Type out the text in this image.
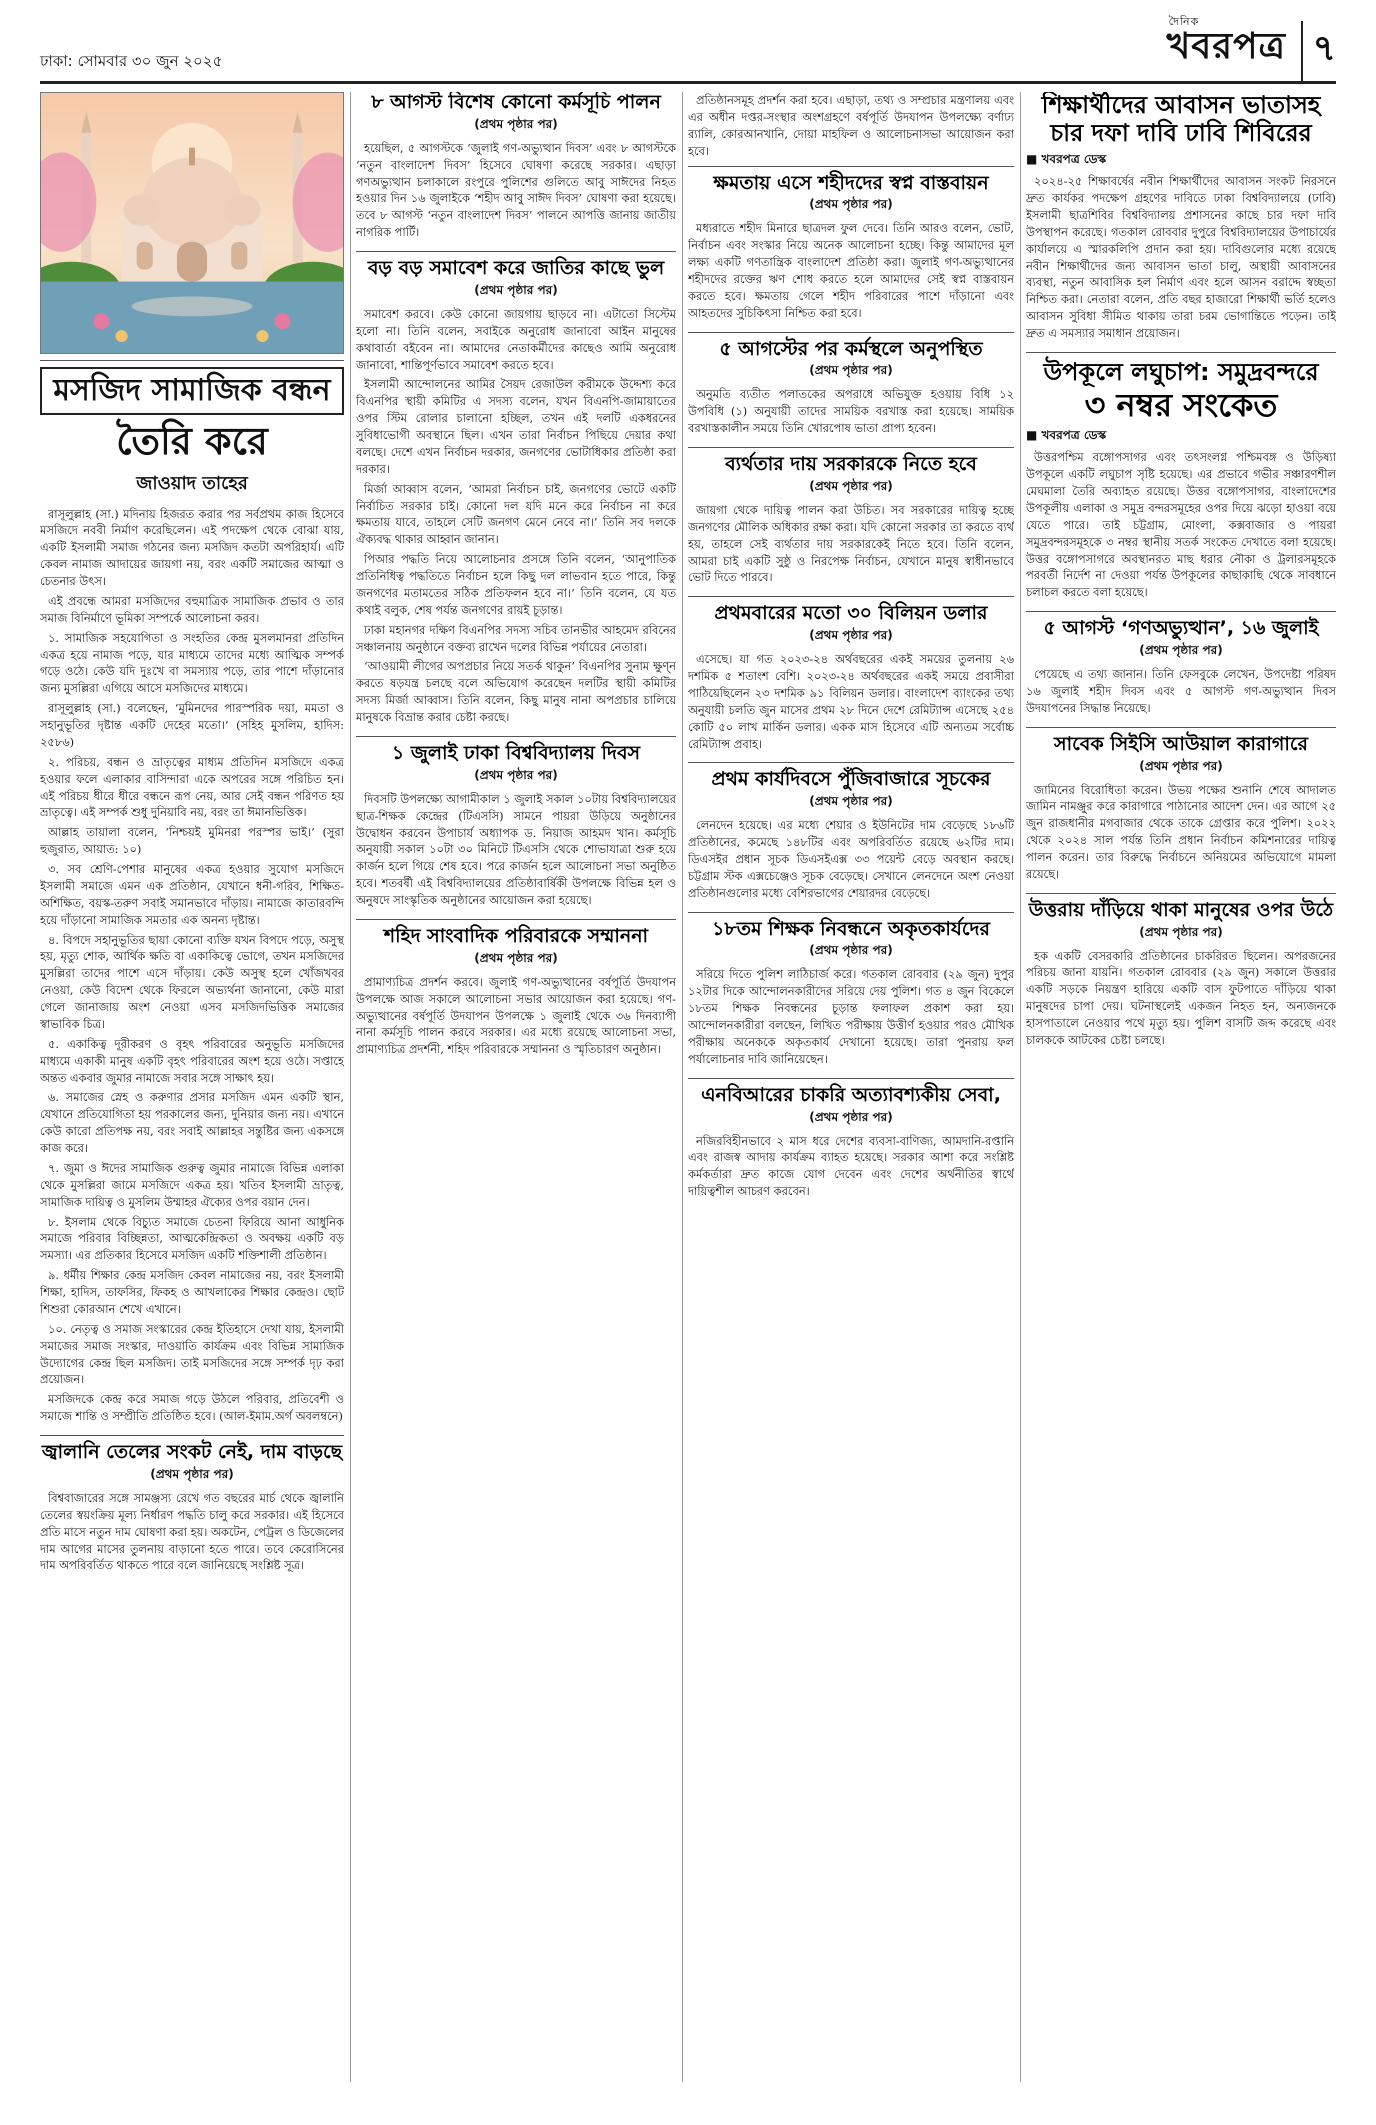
ঢাকা: সোমবার ৩০ জুন ২০২৫
দৈনিক
খবরপত্র ৭
মসজিদ সামাজিক বন্ধন
তৈরি করে
জাওয়াদ তাহের

রাসূলুল্লাহ (সা.) মদিনায় হিজরত করার পর সর্বপ্রথম কাজ হিসেবে মসজিদে নববী নির্মাণ করেছিলেন। এই পদক্ষেপ থেকে বোঝা যায়, একটি ইসলামী সমাজ গঠনের জন্য মসজিদ কতটা অপরিহার্য। এটি কেবল নামাজ আদায়ের জায়গা নয়, বরং একটি সমাজের আত্মা ও চেতনার উৎস।

এই প্রবন্ধে আমরা মসজিদের বহুমাত্রিক সামাজিক প্রভাব ও তার সমাজ বিনির্মাণে ভূমিকা সম্পর্কে আলোচনা করব।

১. সামাজিক সহযোগিতা ও সংহতির কেন্দ্র মুসলমানরা প্রতিদিন একত্র হয়ে নামাজ পড়ে, যার মাধ্যমে তাদের মধ্যে আত্মিক সম্পর্ক গড়ে ওঠে। কেউ যদি দুঃখে বা সমস্যায় পড়ে, তার পাশে দাঁড়ানোর জন্য মুসল্লিরা এগিয়ে আসে মসজিদের মাধ্যমে।

রাসূলুল্লাহ (সা.) বলেছেন, ‘মুমিনদের পারস্পরিক দয়া, মমতা ও সহানুভূতির দৃষ্টান্ত একটি দেহের মতো।’ (সহিহ মুসলিম, হাদিস: ২৫৮৬)

২. পরিচয়, বন্ধন ও ভ্রাতৃত্বের মাধ্যম প্রতিদিন মসজিদে একত্র হওয়ার ফলে এলাকার বাসিন্দারা একে অপরের সঙ্গে পরিচিত হন। এই পরিচয় ধীরে ধীরে বন্ধনে রূপ নেয়, আর সেই বন্ধন পরিণত হয় ভ্রাতৃত্বে। এই সম্পর্ক শুধু দুনিয়াবি নয়, বরং তা ঈমানভিত্তিক।

আল্লাহ তায়ালা বলেন, ‘নিশ্চয়ই মুমিনরা পরস্পর ভাই।’ (সুরা হুজুরাত, আয়াত: ১০)

৩. সব শ্রেণি-পেশার মানুষের একত্র হওয়ার সুযোগ মসজিদে ইসলামী সমাজে এমন এক প্রতিষ্ঠান, যেখানে ধনী-গরিব, শিক্ষিত-অশিক্ষিত, বয়স্ক-তরুণ সবাই সমানভাবে দাঁড়ায়। নামাজে কাতারবন্দি হয়ে দাঁড়ানো সামাজিক সমতার এক অনন্য দৃষ্টান্ত।

৪. বিপদে সহানুভূতির ছায়া কোনো ব্যক্তি যখন বিপদে পড়ে, অসুস্থ হয়, মৃত্যু শোক, আর্থিক ক্ষতি বা একাকিত্বে ভোগে, তখন মসজিদের মুসল্লিরা তাদের পাশে এসে দাঁড়ায়। কেউ অসুস্থ হলে খোঁজখবর নেওয়া, কেউ বিদেশ থেকে ফিরলে অভ্যর্থনা জানানো, কেউ মারা গেলে জানাজায় অংশ নেওয়া এসব মসজিদভিত্তিক সমাজের স্বাভাবিক চিত্র।

৫. একাকিত্ব দূরীকরণ ও বৃহৎ পরিবারের অনুভূতি মসজিদের মাধ্যমে একাকী মানুষ একটি বৃহৎ পরিবারের অংশ হয়ে ওঠে। সপ্তাহে অন্তত একবার জুমার নামাজে সবার সঙ্গে সাক্ষাৎ হয়।

৬. সমাজের স্নেহ ও করুণার প্রসার মসজিদ এমন একটি স্থান, যেখানে প্রতিযোগিতা হয় পরকালের জন্য, দুনিয়ার জন্য নয়। এখানে কেউ কারো প্রতিপক্ষ নয়, বরং সবাই আল্লাহর সন্তুষ্টির জন্য একসঙ্গে কাজ করে।

৭. জুমা ও ঈদের সামাজিক গুরুত্ব জুমার নামাজে বিভিন্ন এলাকা থেকে মুসল্লিরা জামে মসজিদে একত্র হয়। খতিব ইসলামী ভ্রাতৃত্ব, সামাজিক দায়িত্ব ও মুসলিম উম্মাহর ঐক্যের ওপর বয়ান দেন।

৮. ইসলাম থেকে বিচ্যুত সমাজে চেতনা ফিরিয়ে আনা আধুনিক সমাজে পরিবার বিচ্ছিন্নতা, আত্মকেন্দ্রিকতা ও অবক্ষয় একটি বড় সমস্যা। এর প্রতিকার হিসেবে মসজিদ একটি শক্তিশালী প্রতিষ্ঠান।

৯. ধর্মীয় শিক্ষার কেন্দ্র মসজিদ কেবল নামাজের নয়, বরং ইসলামী শিক্ষা, হাদিস, তাফসির, ফিকহ ও আখলাকের শিক্ষার কেন্দ্রও। ছোট শিশুরা কোরআন শেখে এখানে।

১০. নেতৃত্ব ও সমাজ সংস্কারের কেন্দ্র ইতিহাসে দেখা যায়, ইসলামী সমাজের সমাজ সংস্কার, দাওয়াতি কার্যক্রম এবং বিভিন্ন সামাজিক উদ্যোগের কেন্দ্র ছিল মসজিদ। তাই মসজিদের সঙ্গে সম্পর্ক দৃঢ় করা প্রয়োজন।

মসজিদকে কেন্দ্র করে সমাজ গড়ে উঠলে পরিবার, প্রতিবেশী ও সমাজে শান্তি ও সম্প্রীতি প্রতিষ্ঠিত হবে। (আল-ইমাম.অর্গ অবলম্বনে)

জ্বালানি তেলের সংকট নেই, দাম বাড়ছে
(প্রথম পৃষ্ঠার পর)

বিশ্ববাজারের সঙ্গে সামঞ্জস্য রেখে গত বছরের মার্চ থেকে জ্বালানি তেলের স্বয়ংক্রিয় মূল্য নির্ধারণ পদ্ধতি চালু করে সরকার। এই হিসেবে প্রতি মাসে নতুন দাম ঘোষণা করা হয়। অকটেন, পেট্রল ও ডিজেলের দাম আগের মাসের তুলনায় বাড়ানো হতে পারে। তবে কেরোসিনের দাম অপরিবর্তিত থাকতে পারে বলে জানিয়েছে সংশ্লিষ্ট সূত্র।

৮ আগস্ট বিশেষ কোনো কর্মসূচি পালন
(প্রথম পৃষ্ঠার পর)

হয়েছিল, ৫ আগস্টকে ‘জুলাই গণ-অভ্যুত্থান দিবস’ এবং ৮ আগস্টকে ‘নতুন বাংলাদেশ দিবস’ হিসেবে ঘোষণা করেছে সরকার। এছাড়া গণঅভ্যুত্থান চলাকালে রংপুরে পুলিশের গুলিতে আবু সাঈদের নিহত হওয়ার দিন ১৬ জুলাইকে ‘শহীদ আবু সাঈদ দিবস’ ঘোষণা করা হয়েছে। তবে ৮ আগস্ট ‘নতুন বাংলাদেশ দিবস’ পালনে আপত্তি জানায় জাতীয় নাগরিক পার্টি।

বড় বড় সমাবেশ করে জাতির কাছে ভুল
(প্রথম পৃষ্ঠার পর)

সমাবেশ করবে। কেউ কোনো জায়গায় ছাড়বে না। এটাতো সিস্টেম হলো না। তিনি বলেন, সবাইকে অনুরোধ জানাবো আইন মানুষের কথাবার্তা বইবেন না। আমাদের নেতাকর্মীদের কাছেও আমি অনুরোধ জানাবো, শান্তিপূর্ণভাবে সমাবেশ করতে হবে।

ইসলামী আন্দোলনের আমির সৈয়দ রেজাউল করীমকে উদ্দেশ্য করে বিএনপির স্থায়ী কমিটির এ সদস্য বলেন, যখন বিএনপি-জামায়াতের ওপর স্টিম রোলার চালানো হচ্ছিল, তখন এই দলটি একধরনের সুবিধাভোগী অবস্থানে ছিল। এখন তারা নির্বাচন পিছিয়ে দেয়ার কথা বলছে। দেশে এখন নির্বাচন দরকার, জনগণের ভোটাধিকার প্রতিষ্ঠা করা দরকার।

মির্জা আব্বাস বলেন, ‘আমরা নির্বাচন চাই, জনগণের ভোটে একটি নির্বাচিত সরকার চাই। কোনো দল যদি মনে করে নির্বাচন না করে ক্ষমতায় যাবে, তাহলে সেটি জনগণ মেনে নেবে না।’ তিনি সব দলকে ঐক্যবদ্ধ থাকার আহ্বান জানান।

পিআর পদ্ধতি নিয়ে আলোচনার প্রসঙ্গে তিনি বলেন, ‘আনুপাতিক প্রতিনিধিত্ব পদ্ধতিতে নির্বাচন হলে কিছু দল লাভবান হতে পারে, কিন্তু জনগণের মতামতের সঠিক প্রতিফলন হবে না।’ তিনি বলেন, যে যত কথাই বলুক, শেষ পর্যন্ত জনগণের রায়ই চূড়ান্ত।

ঢাকা মহানগর দক্ষিণ বিএনপির সদস্য সচিব তানভীর আহমেদ রবিনের সঞ্চালনায় অনুষ্ঠানে বক্তব্য রাখেন দলের বিভিন্ন পর্যায়ের নেতারা।

‘আওয়ামী লীগের অপপ্রচার নিয়ে সতর্ক থাকুন’ বিএনপির সুনাম ক্ষুণ্ন করতে ষড়যন্ত্র চলছে বলে অভিযোগ করেছেন দলটির স্থায়ী কমিটির সদস্য মির্জা আব্বাস। তিনি বলেন, কিছু মানুষ নানা অপপ্রচার চালিয়ে মানুষকে বিভ্রান্ত করার চেষ্টা করছে।

১ জুলাই ঢাকা বিশ্ববিদ্যালয় দিবস
(প্রথম পৃষ্ঠার পর)

দিবসটি উপলক্ষ্যে আগামীকাল ১ জুলাই সকাল ১০টায় বিশ্ববিদ্যালয়ের ছাত্র-শিক্ষক কেন্দ্রের (টিএসসি) সামনে পায়রা উড়িয়ে অনুষ্ঠানের উদ্বোধন করবেন উপাচার্য অধ্যাপক ড. নিয়াজ আহমদ খান। কর্মসূচি অনুযায়ী সকাল ১০টা ৩০ মিনিটে টিএসসি থেকে শোভাযাত্রা শুরু হয়ে কার্জন হলে গিয়ে শেষ হবে। পরে কার্জন হলে আলোচনা সভা অনুষ্ঠিত হবে। শতবর্ষী এই বিশ্ববিদ্যালয়ের প্রতিষ্ঠাবার্ষিকী উপলক্ষে বিভিন্ন হল ও অনুষদে সাংস্কৃতিক অনুষ্ঠানের আয়োজন করা হয়েছে।

শহিদ সাংবাদিক পরিবারকে সম্মাননা
(প্রথম পৃষ্ঠার পর)

প্রামাণ্যচিত্র প্রদর্শন করবে। জুলাই গণ-অভ্যুত্থানের বর্ষপূর্তি উদযাপন উপলক্ষে আজ সকালে আলোচনা সভার আয়োজন করা হয়েছে। গণ-অভ্যুত্থানের বর্ষপূর্তি উদযাপন উপলক্ষে ১ জুলাই থেকে ৩৬ দিনব্যাপী নানা কর্মসূচি পালন করবে সরকার। এর মধ্যে রয়েছে আলোচনা সভা, প্রামাণ্যচিত্র প্রদর্শনী, শহিদ পরিবারকে সম্মাননা ও স্মৃতিচারণ অনুষ্ঠান।

প্রতিষ্ঠানসমূহ প্রদর্শন করা হবে। এছাড়া, তথ্য ও সম্প্রচার মন্ত্রণালয় এবং এর অধীন দপ্তর-সংস্থার অংশগ্রহণে বর্ষপূর্তি উদযাপন উপলক্ষ্যে বর্ণাঢ্য র‍্যালি, কোরআনখানি, দোয়া মাহফিল ও আলোচনাসভা আয়োজন করা হবে।

ক্ষমতায় এসে শহীদদের স্বপ্ন বাস্তবায়ন
(প্রথম পৃষ্ঠার পর)

মধ্যরাতে শহীদ মিনারে ছাত্রদল ফুল দেবে। তিনি আরও বলেন, ভোট, নির্বাচন এবং সংস্কার নিয়ে অনেক আলোচনা হচ্ছে। কিন্তু আমাদের মূল লক্ষ্য একটি গণতান্ত্রিক বাংলাদেশ প্রতিষ্ঠা করা। জুলাই গণ-অভ্যুত্থানের শহীদদের রক্তের ঋণ শোধ করতে হলে আমাদের সেই স্বপ্ন বাস্তবায়ন করতে হবে। ক্ষমতায় গেলে শহীদ পরিবারের পাশে দাঁড়ানো এবং আহতদের সুচিকিৎসা নিশ্চিত করা হবে।

৫ আগস্টের পর কর্মস্থলে অনুপস্থিত
(প্রথম পৃষ্ঠার পর)

অনুমতি ব্যতীত পলাতকের অপরাধে অভিযুক্ত হওয়ায় বিধি ১২ উপবিধি (১) অনুযায়ী তাদের সাময়িক বরখাস্ত করা হয়েছে। সাময়িক বরখাস্তকালীন সময়ে তিনি খোরপোষ ভাতা প্রাপ্য হবেন।

ব্যর্থতার দায় সরকারকে নিতে হবে
(প্রথম পৃষ্ঠার পর)

জায়গা থেকে দায়িত্ব পালন করা উচিত। সব সরকারের দায়িত্ব হচ্ছে জনগণের মৌলিক অধিকার রক্ষা করা। যদি কোনো সরকার তা করতে ব্যর্থ হয়, তাহলে সেই ব্যর্থতার দায় সরকারকেই নিতে হবে। তিনি বলেন, আমরা চাই একটি সুষ্ঠু ও নিরপেক্ষ নির্বাচন, যেখানে মানুষ স্বাধীনভাবে ভোট দিতে পারবে।

প্রথমবারের মতো ৩০ বিলিয়ন ডলার
(প্রথম পৃষ্ঠার পর)

এসেছে। যা গত ২০২৩-২৪ অর্থবছরের একই সময়ের তুলনায় ২৬ দশমিক ৫ শতাংশ বেশি। ২০২৩-২৪ অর্থবছরের একই সময়ে প্রবাসীরা পাঠিয়েছিলেন ২৩ দশমিক ৯১ বিলিয়ন ডলার। বাংলাদেশ ব্যাংকের তথ্য অনুযায়ী চলতি জুন মাসের প্রথম ২৮ দিনে দেশে রেমিট্যান্স এসেছে ২৫৪ কোটি ৫০ লাখ মার্কিন ডলার। একক মাস হিসেবে এটি অন্যতম সর্বোচ্চ রেমিট্যান্স প্রবাহ।

প্রথম কার্যদিবসে পুঁজিবাজারে সূচকের
(প্রথম পৃষ্ঠার পর)

লেনদেন হয়েছে। এর মধ্যে শেয়ার ও ইউনিটের দাম বেড়েছে ১৮৬টি প্রতিষ্ঠানের, কমেছে ১৪৮টির এবং অপরিবর্তিত রয়েছে ৬২টির দাম। ডিএসইর প্রধান সূচক ডিএসইএক্স ৩৩ পয়েন্ট বেড়ে অবস্থান করছে। চট্টগ্রাম স্টক এক্সচেঞ্জেও সূচক বেড়েছে। সেখানে লেনদেনে অংশ নেওয়া প্রতিষ্ঠানগুলোর মধ্যে বেশিরভাগের শেয়ারদর বেড়েছে।

১৮তম শিক্ষক নিবন্ধনে অকৃতকার্যদের
(প্রথম পৃষ্ঠার পর)

সরিয়ে দিতে পুলিশ লাঠিচার্জ করে। গতকাল রোববার (২৯ জুন) দুপুর ১২টার দিকে আন্দোলনকারীদের সরিয়ে দেয় পুলিশ। গত ৪ জুন বিকেলে ১৮তম শিক্ষক নিবন্ধনের চূড়ান্ত ফলাফল প্রকাশ করা হয়। আন্দোলনকারীরা বলছেন, লিখিত পরীক্ষায় উত্তীর্ণ হওয়ার পরও মৌখিক পরীক্ষায় অনেককে অকৃতকার্য দেখানো হয়েছে। তারা পুনরায় ফল পর্যালোচনার দাবি জানিয়েছেন।

এনবিআরের চাকরি অত্যাবশ্যকীয় সেবা,
(প্রথম পৃষ্ঠার পর)

নজিরবিহীনভাবে ২ মাস ধরে দেশের ব্যবসা-বাণিজ্য, আমদানি-রপ্তানি এবং রাজস্ব আদায় কার্যক্রম ব্যাহত হয়েছে। সরকার আশা করে সংশ্লিষ্ট কর্মকর্তারা দ্রুত কাজে যোগ দেবেন এবং দেশের অর্থনীতির স্বার্থে দায়িত্বশীল আচরণ করবেন।

শিক্ষার্থীদের আবাসন ভাতাসহ চার দফা দাবি ঢাবি শিবিরের
■ খবরপত্র ডেস্ক

২০২৪-২৫ শিক্ষাবর্ষের নবীন শিক্ষার্থীদের আবাসন সংকট নিরসনে দ্রুত কার্যকর পদক্ষেপ গ্রহণের দাবিতে ঢাকা বিশ্ববিদ্যালয়ে (ঢাবি) ইসলামী ছাত্রশিবির বিশ্ববিদ্যালয় প্রশাসনের কাছে চার দফা দাবি উপস্থাপন করেছে। গতকাল রোববার দুপুরে বিশ্ববিদ্যালয়ের উপাচার্যের কার্যালয়ে এ স্মারকলিপি প্রদান করা হয়। দাবিগুলোর মধ্যে রয়েছে নবীন শিক্ষার্থীদের জন্য আবাসন ভাতা চালু, অস্থায়ী আবাসনের ব্যবস্থা, নতুন আবাসিক হল নির্মাণ এবং হলে আসন বরাদ্দে স্বচ্ছতা নিশ্চিত করা। নেতারা বলেন, প্রতি বছর হাজারো শিক্ষার্থী ভর্তি হলেও আবাসন সুবিধা সীমিত থাকায় তারা চরম ভোগান্তিতে পড়েন। তাই দ্রুত এ সমস্যার সমাধান প্রয়োজন।

উপকূলে লঘুচাপ: সমুদ্রবন্দরে
৩ নম্বর সংকেত
■ খবরপত্র ডেস্ক

উত্তরপশ্চিম বঙ্গোপসাগর এবং তৎসংলগ্ন পশ্চিমবঙ্গ ও উড়িষ্যা উপকূলে একটি লঘুচাপ সৃষ্টি হয়েছে। এর প্রভাবে গভীর সঞ্চারণশীল মেঘমালা তৈরি অব্যাহত রয়েছে। উত্তর বঙ্গোপসাগর, বাংলাদেশের উপকূলীয় এলাকা ও সমুদ্র বন্দরসমূহের ওপর দিয়ে ঝড়ো হাওয়া বয়ে যেতে পারে। তাই চট্টগ্রাম, মোংলা, কক্সবাজার ও পায়রা সমুদ্রবন্দরসমূহকে ৩ নম্বর স্থানীয় সতর্ক সংকেত দেখাতে বলা হয়েছে। উত্তর বঙ্গোপসাগরে অবস্থানরত মাছ ধরার নৌকা ও ট্রলারসমূহকে পরবর্তী নির্দেশ না দেওয়া পর্যন্ত উপকূলের কাছাকাছি থেকে সাবধানে চলাচল করতে বলা হয়েছে।

৫ আগস্ট ‘গণঅভ্যুত্থান’, ১৬ জুলাই
(প্রথম পৃষ্ঠার পর)

পেয়েছে এ তথ্য জানান। তিনি ফেসবুকে লেখেন, উপদেষ্টা পরিষদ ১৬ জুলাই শহীদ দিবস এবং ৫ আগস্ট গণ-অভ্যুত্থান দিবস উদযাপনের সিদ্ধান্ত নিয়েছে।

সাবেক সিইসি আউয়াল কারাগারে
(প্রথম পৃষ্ঠার পর)

জামিনের বিরোধিতা করেন। উভয় পক্ষের শুনানি শেষে আদালত জামিন নামঞ্জুর করে কারাগারে পাঠানোর আদেশ দেন। এর আগে ২৫ জুন রাজধানীর মগবাজার থেকে তাকে গ্রেপ্তার করে পুলিশ। ২০২২ থেকে ২০২৪ সাল পর্যন্ত তিনি প্রধান নির্বাচন কমিশনারের দায়িত্ব পালন করেন। তার বিরুদ্ধে নির্বাচনে অনিয়মের অভিযোগে মামলা রয়েছে।

উত্তরায় দাঁড়িয়ে থাকা মানুষের ওপর উঠে
(প্রথম পৃষ্ঠার পর)

হক একটি বেসরকারি প্রতিষ্ঠানের চাকরিরত ছিলেন। অপরজনের পরিচয় জানা যায়নি। গতকাল রোববার (২৯ জুন) সকালে উত্তরার একটি সড়কে নিয়ন্ত্রণ হারিয়ে একটি বাস ফুটপাতে দাঁড়িয়ে থাকা মানুষদের চাপা দেয়। ঘটনাস্থলেই একজন নিহত হন, অন্যজনকে হাসপাতালে নেওয়ার পথে মৃত্যু হয়। পুলিশ বাসটি জব্দ করেছে এবং চালককে আটকের চেষ্টা চলছে।
